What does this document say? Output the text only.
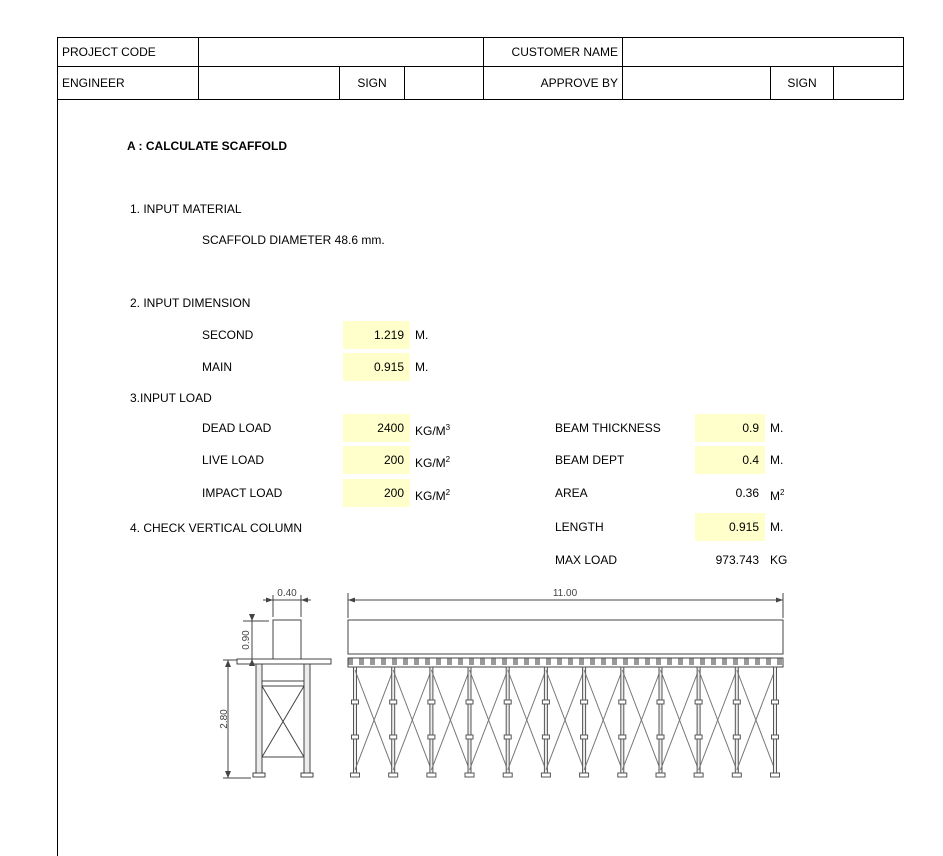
PROJECT CODE				CUSTOMER NAME			
ENGINEER		SIGN		APPROVE BY		SIGN	
A : CALCULATE SCAFFOLD
1. INPUT MATERIAL
SCAFFOLD DIAMETER 48.6 mm.
2. INPUT DIMENSION
3.INPUT LOAD
4. CHECK VERTICAL COLUMN
SECOND	1.219 M.
MAIN	0.915 M.
DEAD LOAD	2400 $KG/M^3$
LIVE LOAD	200 $KG/M^2$
IMPACT LOAD	200 $KG/M^2$
BEAM THICKNESS	0.9 M.
BEAM DEPT	0.4 M.
AREA	0.36 $M^2$
LENGTH	0.915 M.
MAX LOAD	973.743 KG
0.40
0.90
2.80
11.00
